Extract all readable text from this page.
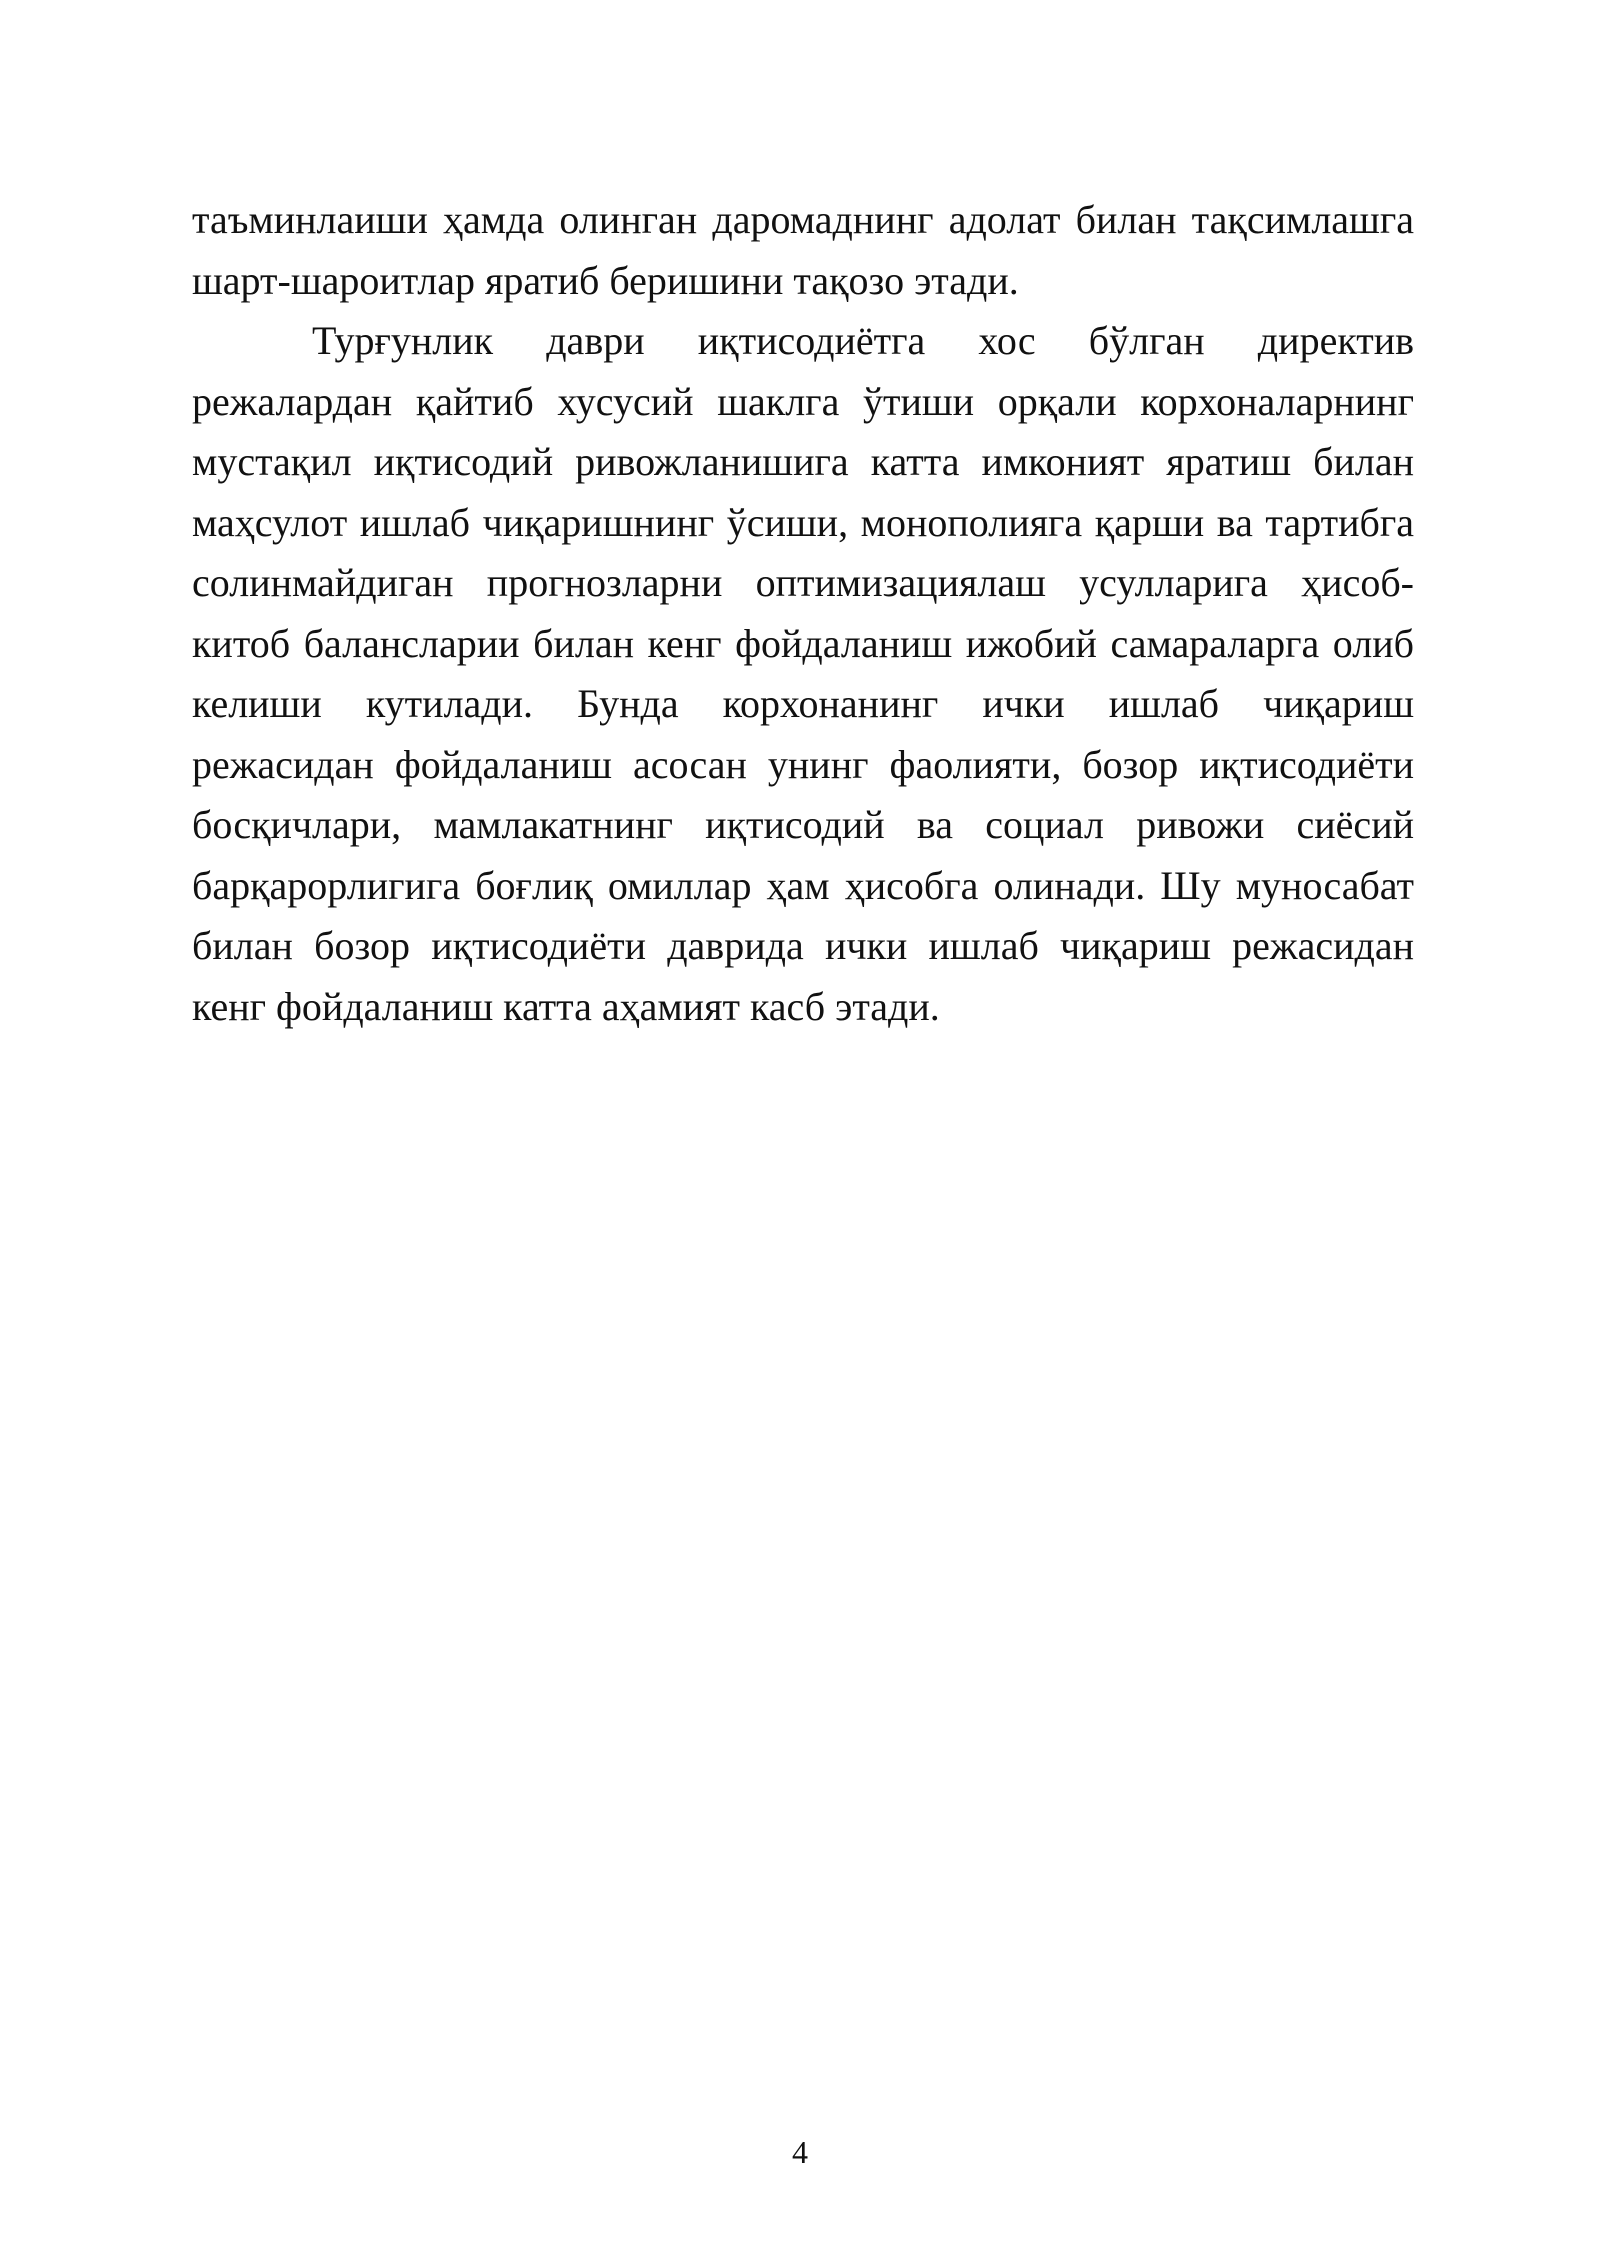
таъминлаиши ҳамда олинган даромаднинг адолат билан тақсимлашга
шарт-шароитлар яратиб беришини тақозо этади.
Турғунлик даври иқтисодиётга хос бўлган директив
режалардан қайтиб хусусий шаклга ўтиши орқали корхоналарнинг
мустақил иқтисодий ривожланишига катта имконият яратиш билан
маҳсулот ишлаб чиқаришнинг ўсиши, монополияга қарши ва тартибга
солинмайдиган прогнозларни оптимизациялаш усулларига ҳисоб-
китоб балансларии билан кенг фойдаланиш ижобий самараларга олиб
келиши кутилади. Бунда корхонанинг ички ишлаб чиқариш
режасидан фойдаланиш асосан унинг фаолияти, бозор иқтисодиёти
босқичлари, мамлакатнинг иқтисодий ва социал ривожи сиёсий
барқарорлигига боғлиқ омиллар ҳам ҳисобга олинади. Шу муносабат
билан бозор иқтисодиёти даврида ички ишлаб чиқариш режасидан
кенг фойдаланиш катта аҳамият касб этади.
4
